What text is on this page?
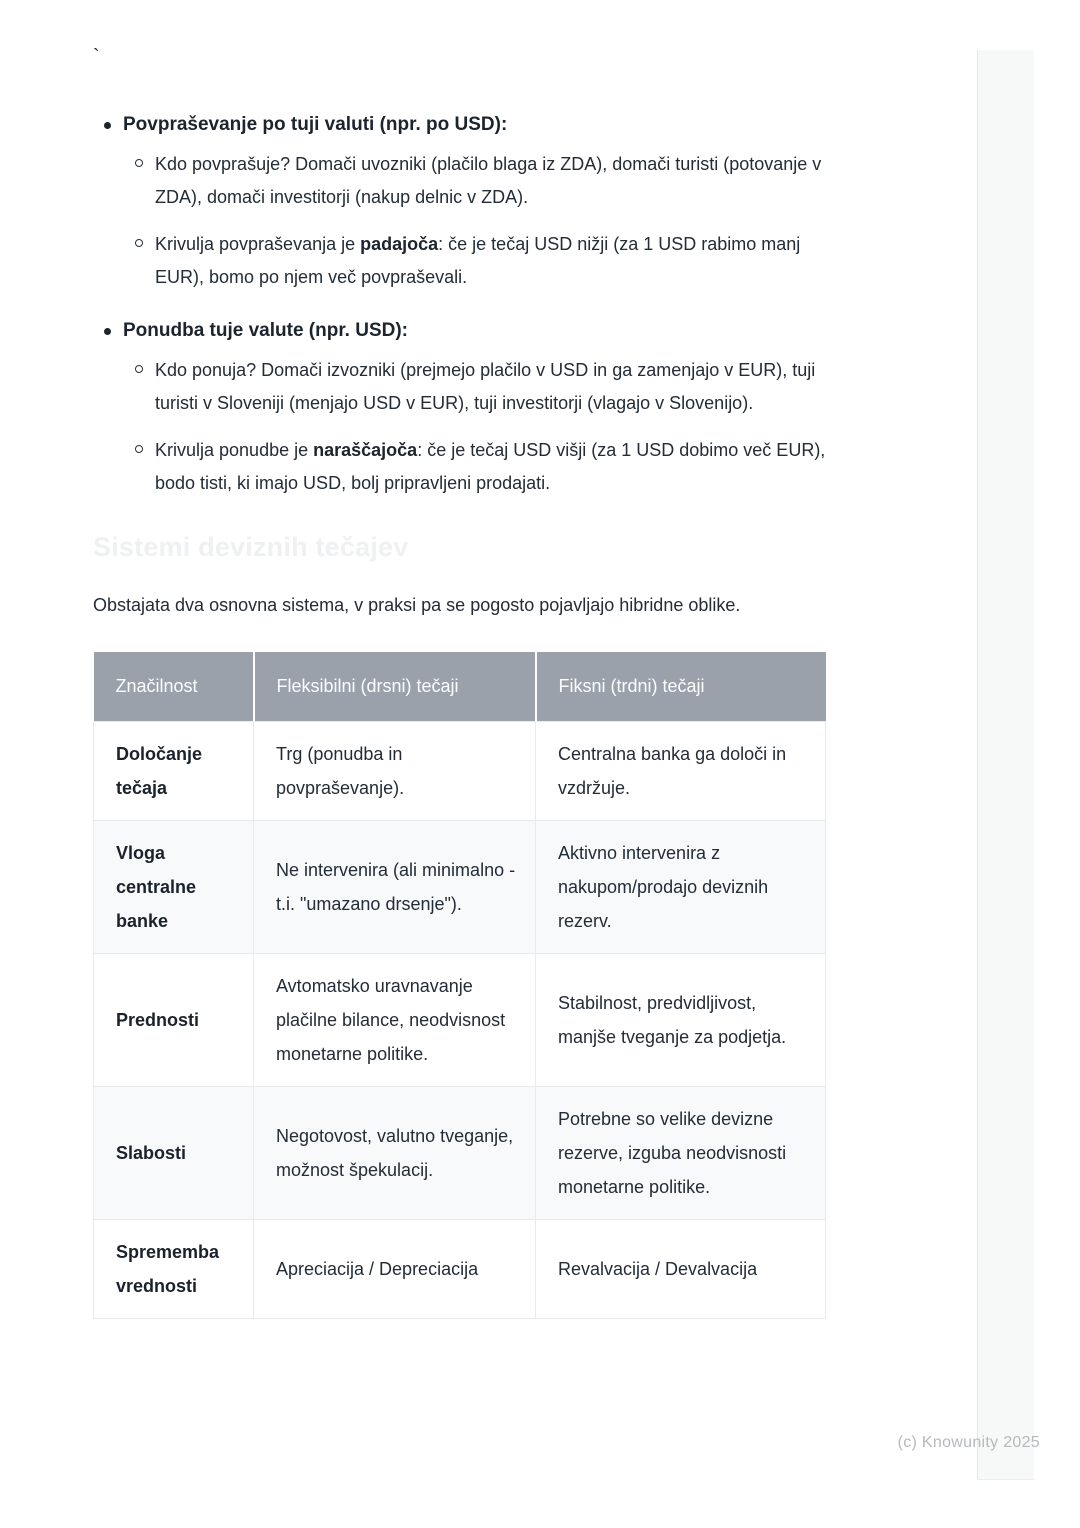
`
Povpraševanje po tuji valuti (npr. po USD):

Kdo povprašuje? Domači uvozniki (plačilo blaga iz ZDA), domači turisti (potovanje v ZDA), domači investitorji (nakup delnic v ZDA).

Krivulja povpraševanja je padajoča: če je tečaj USD nižji (za 1 USD rabimo manj EUR), bomo po njem več povpraševali.

Ponudba tuje valute (npr. USD):

Kdo ponuja? Domači izvozniki (prejmejo plačilo v USD in ga zamenjajo v EUR), tuji turisti v Sloveniji (menjajo USD v EUR), tuji investitorji (vlagajo v Slovenijo).

Krivulja ponudbe je naraščajoča: če je tečaj USD višji (za 1 USD dobimo več EUR), bodo tisti, ki imajo USD, bolj pripravljeni prodajati.

Sistemi deviznih tečajev

Obstajata dva osnovna sistema, v praksi pa se pogosto pojavljajo hibridne oblike.

Značilnost	Fleksibilni (drsni) tečaji	Fiksni (trdni) tečaji
Določanje tečaja	Trg (ponudba in povpraševanje).	Centralna banka ga določi in vzdržuje.
Vloga centralne banke	Ne intervenira (ali minimalno - t.i. "umazano drsenje").	Aktivno intervenira z nakupom/prodajo deviznih rezerv.
Prednosti	Avtomatsko uravnavanje plačilne bilance, neodvisnost monetarne politike.	Stabilnost, predvidljivost, manjše tveganje za podjetja.
Slabosti	Negotovost, valutno tveganje, možnost špekulacij.	Potrebne so velike devizne rezerve, izguba neodvisnosti monetarne politike.
Sprememba vrednosti	Apreciacija / Depreciacija	Revalvacija / Devalvacija
(c) Knowunity 2025
